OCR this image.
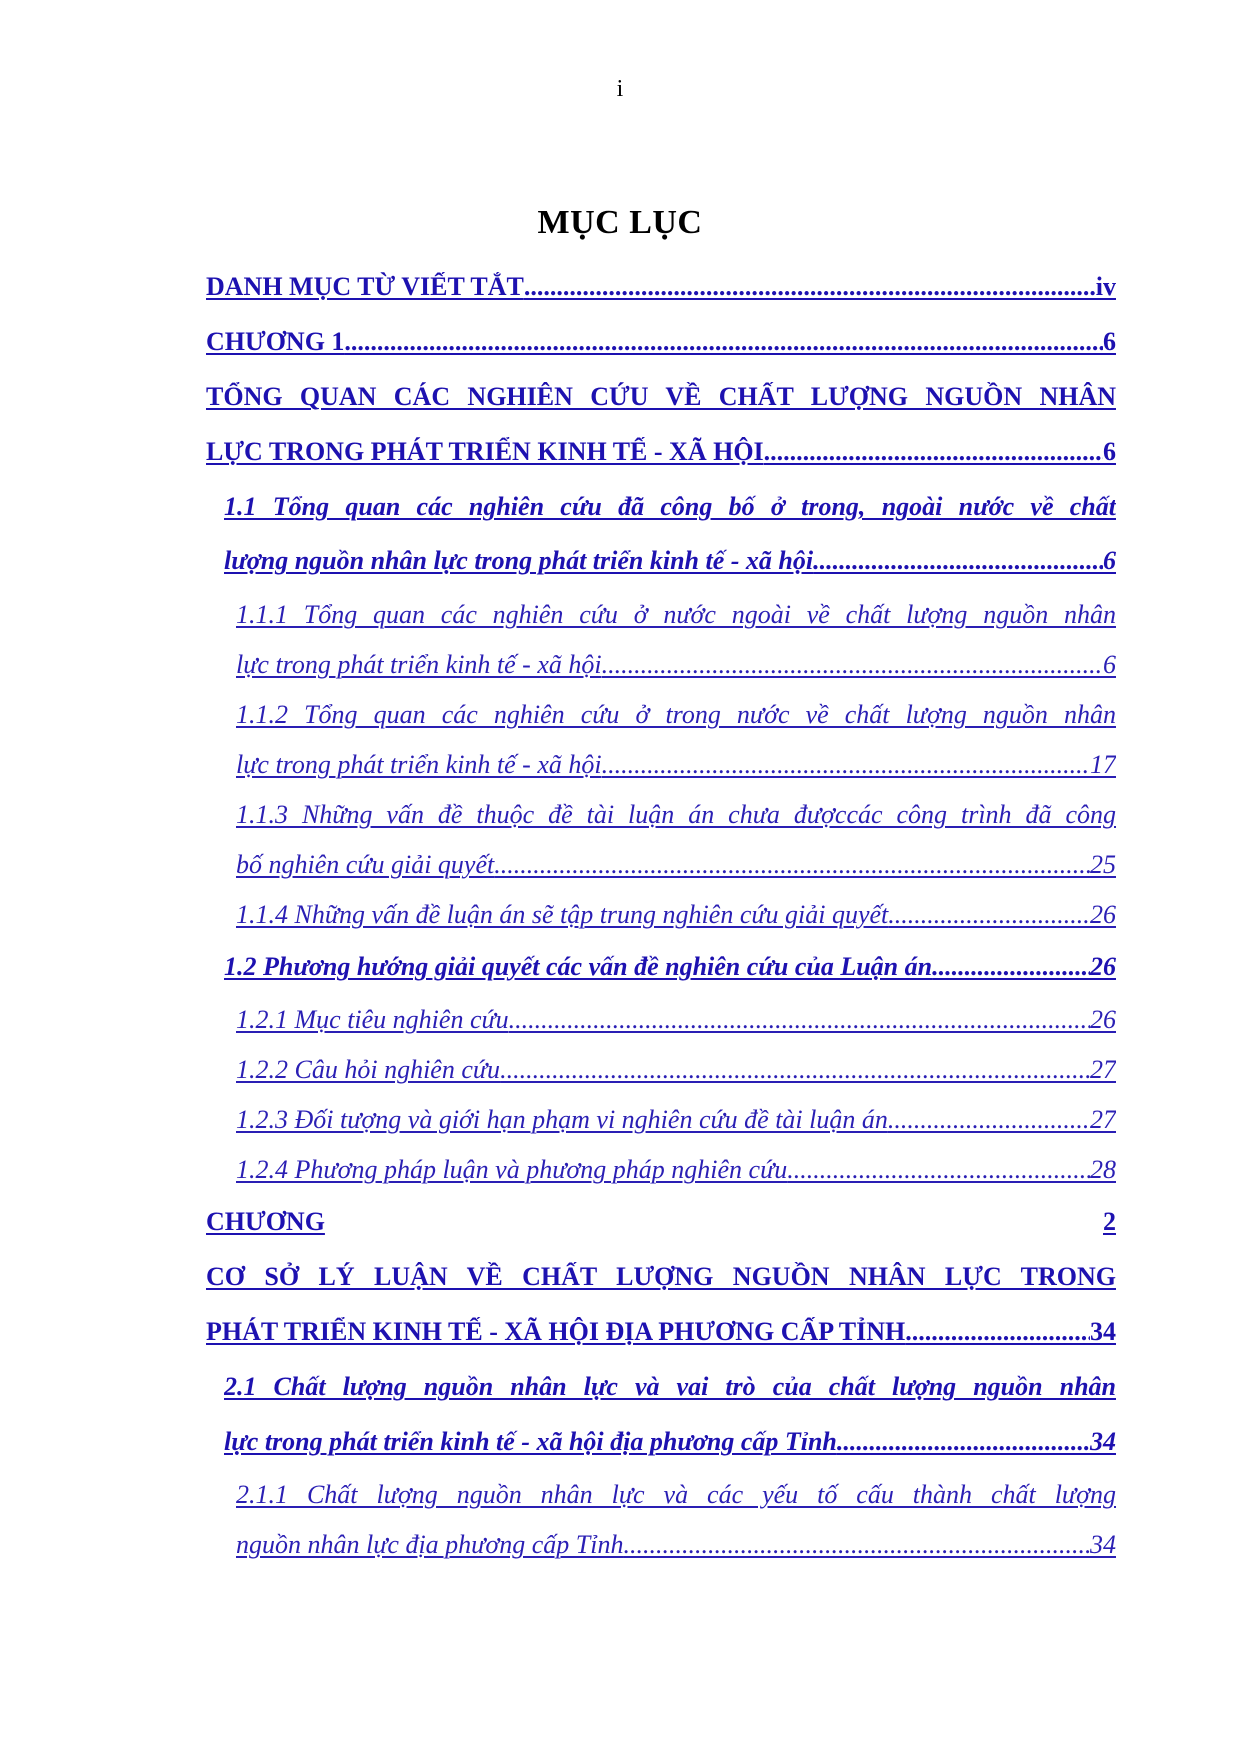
i
MỤC LỤC
DANH MỤC TỪ VIẾT TẮT .....	iv
CHƯƠNG 1 .....	6
TỔNG QUAN CÁC NGHIÊN CỨU VỀ CHẤT LƯỢNG NGUỒN NHÂN
LỰC TRONG PHÁT TRIỂN KINH TẾ - XÃ HỘI .....	6
1.1 Tổng quan các nghiên cứu đã công bố ở trong, ngoài nước về chất
lượng nguồn nhân lực trong phát triển kinh tế - xã hội .....	6
1.1.1 Tổng quan các nghiên cứu ở nước ngoài về chất lượng nguồn nhân
lực trong phát triển kinh tế - xã hội .....	6
1.1.2 Tổng quan các nghiên cứu ở trong nước về chất lượng nguồn nhân
lực trong phát triển kinh tế - xã hội .....	17
1.1.3 Những vấn đề thuộc đề tài luận án chưa đượccác công trình đã công
bố nghiên cứu giải quyết .....	25
1.1.4 Những vấn đề luận án sẽ tập trung nghiên cứu giải quyết .....	26
1.2 Phương hướng giải quyết các vấn đề nghiên cứu của Luận án .....	26
1.2.1 Mục tiêu nghiên cứu .....	26
1.2.2 Câu hỏi nghiên cứu .....	27
1.2.3 Đối tượng và giới hạn phạm vi nghiên cứu đề tài luận án .....	27
1.2.4 Phương pháp luận và phương pháp nghiên cứu .....	28
CHƯƠNG	2
CƠ SỞ LÝ LUẬN VỀ CHẤT LƯỢNG NGUỒN NHÂN LỰC TRONG
PHÁT TRIỂN KINH TẾ - XÃ HỘI ĐỊA PHƯƠNG CẤP TỈNH .....	34
2.1 Chất lượng nguồn nhân lực và vai trò của chất lượng nguồn nhân
lực trong phát triển kinh tế - xã hội địa phương cấp Tỉnh .....	34
2.1.1 Chất lượng nguồn nhân lực và các yếu tố cấu thành chất lượng
nguồn nhân lực địa phương cấp Tỉnh .....	34
